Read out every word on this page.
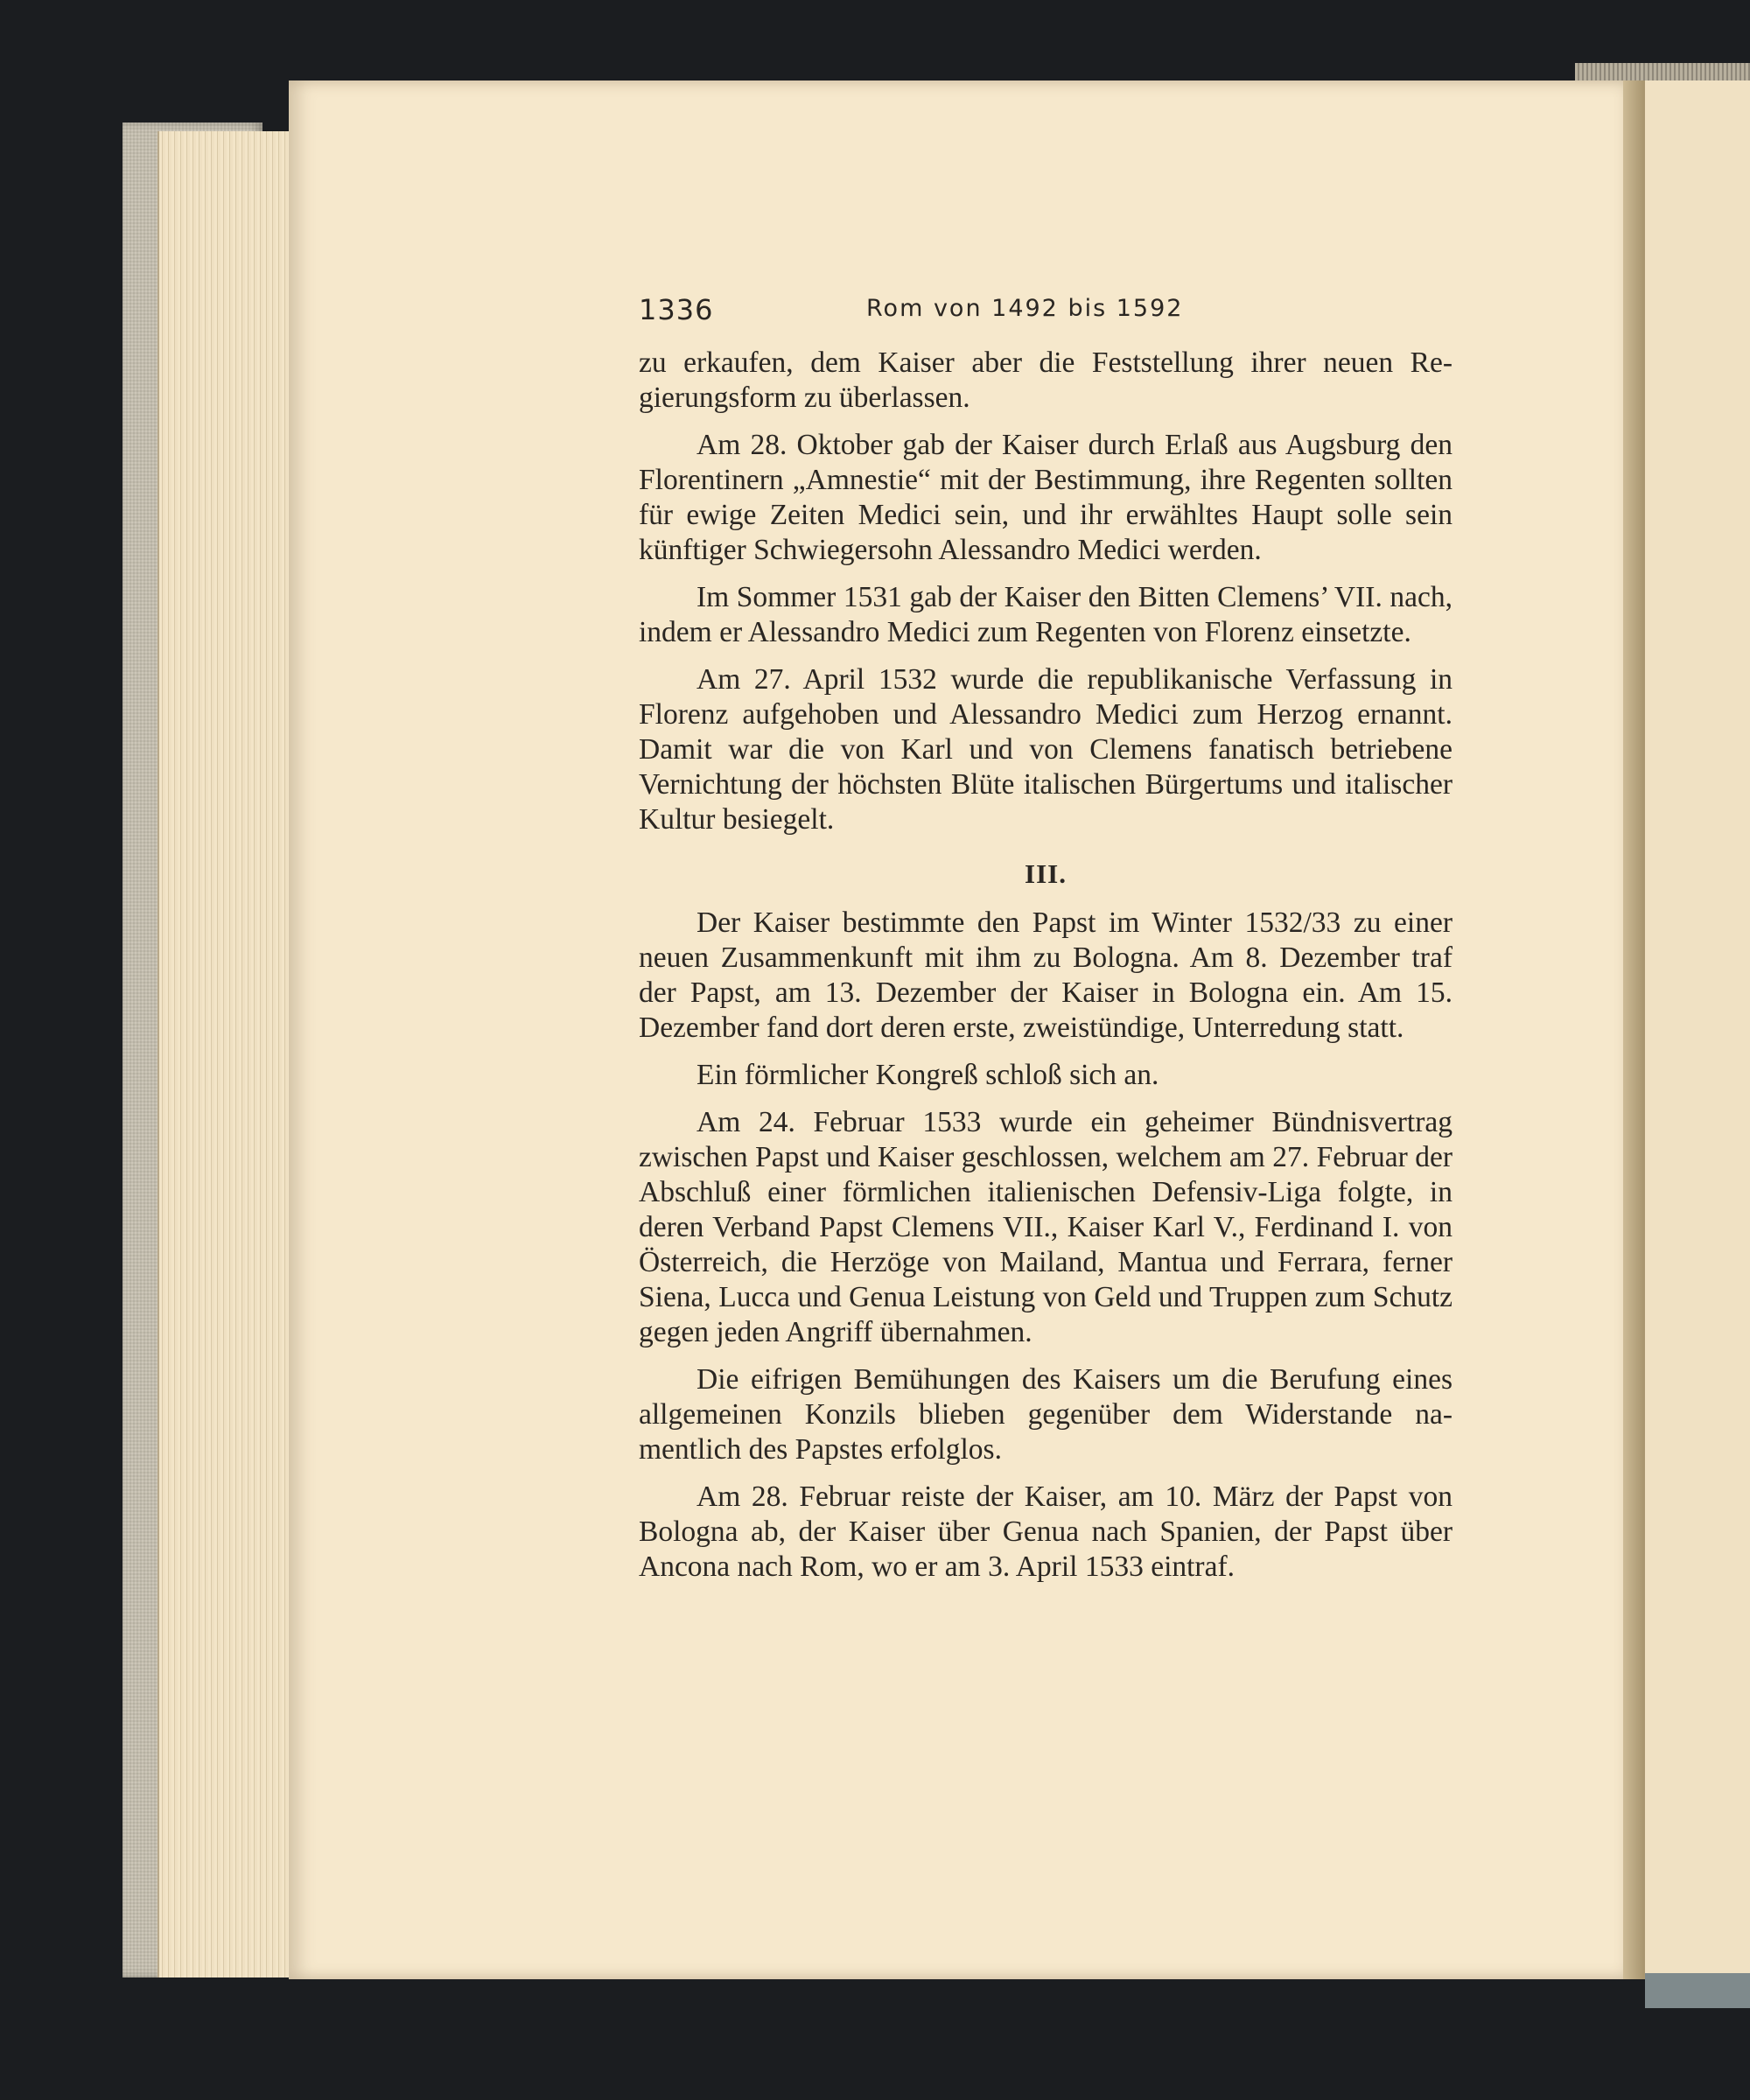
1336	Rom von 1492 bis 1592

zu erkaufen, dem Kaiser aber die Feststellung ihrer neuen Regierungsform zu überlassen.

Am 28. Oktober gab der Kaiser durch Erlaß aus Augsburg den Florentinern „Amnestie“ mit der Bestimmung, ihre Regenten sollten für ewige Zeiten Medici sein, und ihr erwähltes Haupt solle sein künftiger Schwiegersohn Alessandro Medici werden.

Im Sommer 1531 gab der Kaiser den Bitten Clemens’ VII. nach, indem er Alessandro Medici zum Regenten von Florenz einsetzte.

Am 27. April 1532 wurde die republikanische Verfassung in Florenz aufgehoben und Alessandro Medici zum Herzog ernannt. Damit war die von Karl und von Clemens fanatisch betriebene Vernichtung der höchsten Blüte italischen Bürgertums und italischer Kultur besiegelt.

III.

Der Kaiser bestimmte den Papst im Winter 1532/33 zu einer neuen Zusammenkunft mit ihm zu Bologna. Am 8. Dezember traf der Papst, am 13. Dezember der Kaiser in Bologna ein. Am 15. Dezember fand dort deren erste, zweistündige, Unterredung statt.

Ein förmlicher Kongreß schloß sich an.

Am 24. Februar 1533 wurde ein geheimer Bündnisvertrag zwischen Papst und Kaiser geschlossen, welchem am 27. Februar der Abschluß einer förmlichen italienischen Defensiv-Liga folgte, in deren Verband Papst Clemens VII., Kaiser Karl V., Ferdinand I. von Österreich, die Herzöge von Mailand, Mantua und Ferrara, ferner Siena, Lucca und Genua Leistung von Geld und Truppen zum Schutz gegen jeden Angriff übernahmen.

Die eifrigen Bemühungen des Kaisers um die Berufung eines allgemeinen Konzils blieben gegenüber dem Widerstande namentlich des Papstes erfolglos.

Am 28. Februar reiste der Kaiser, am 10. März der Papst von Bologna ab, der Kaiser über Genua nach Spanien, der Papst über Ancona nach Rom, wo er am 3. April 1533 eintraf.
